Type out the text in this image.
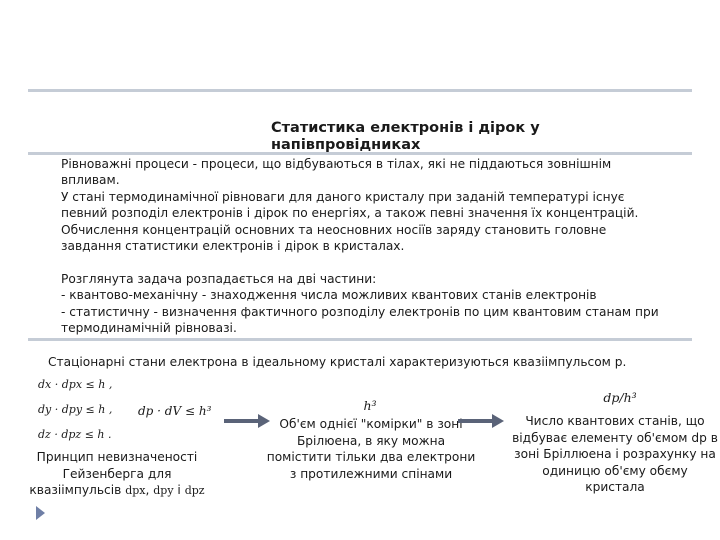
Статистика електронів і дірок у напівпровідниках

Рівноважні процеси - процеси, що відбуваються в тілах, які не піддаються зовнішнім впливам.

У стані термодинамічної рівноваги для даного кристалу при заданій температурі існує певний розподіл електронів і дірок по енергіях, а також певні значення їх концентрацій. Обчислення концентрацій основних та неосновних носіїв заряду становить головне завдання статистики електронів і дірок в кристалах.

Розглянута задача розпадається на дві частини:

- квантово-механічну - знаходження числа можливих квантових станів електронів

- статистичну - визначення фактичного розподілу електронів по цим квантовим станам при термодинамічній рівновазі.

Стаціонарні стани електрона в ідеальному кристалі характеризуються квазіімпульсом p.
dx · dpx ≤ h ,
dy · dpy ≤ h ,
dz · dpz ≤ h .
dp · dV ≤ h³	h³
dp/h³
Принцип невизначеності Гейзенберга для квазіімпульсів dpx, dpy і dpz
Об'єм однієї "комірки" в зоні Брілюена, в яку можна помістити тільки два електрони з протилежними спінами
Число квантових станів, що відбуває елементу об'ємом dp в зоні Бріллюена і розрахунку на одиницю об'єму обєму кристала
